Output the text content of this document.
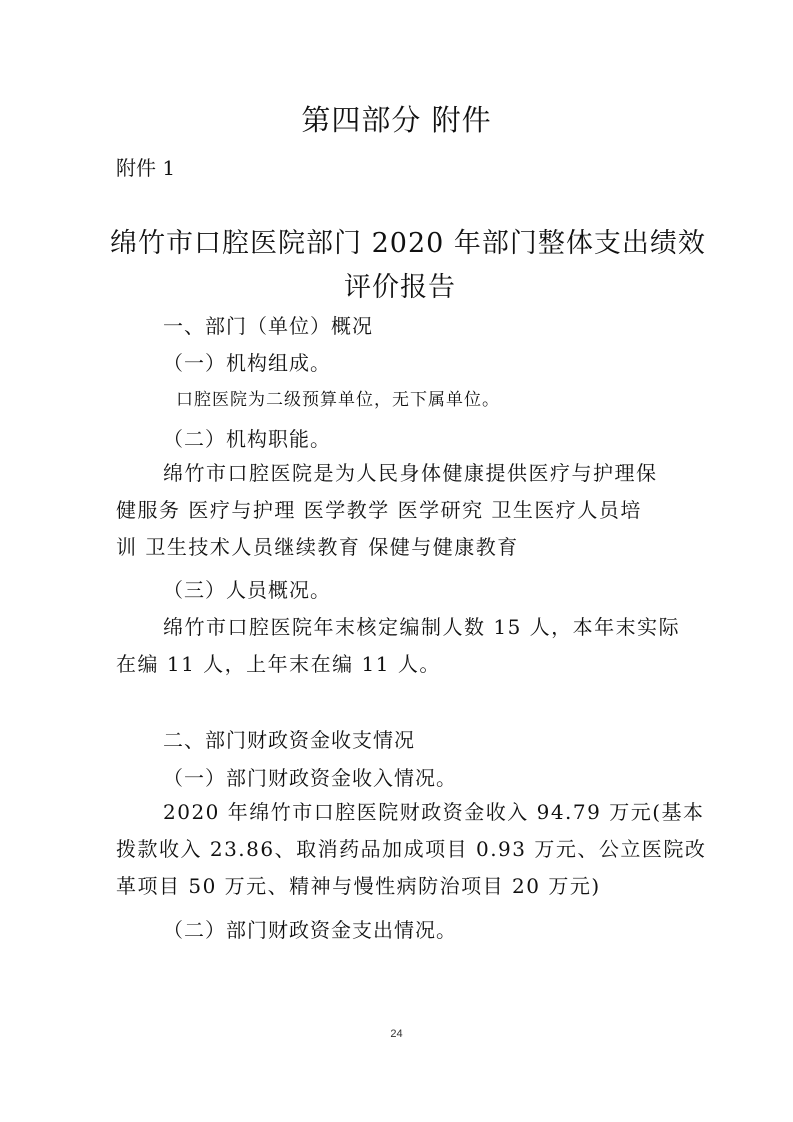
第四部分 附件
附件 1
绵竹市口腔医院部门 2020 年部门整体支出绩效
评价报告
一、部门（单位）概况
（一）机构组成。
口腔医院为二级预算单位，无下属单位。
（二）机构职能。
绵竹市口腔医院是为人民身体健康提供医疗与护理保
健服务 医疗与护理 医学教学 医学研究 卫生医疗人员培
训 卫生技术人员继续教育 保健与健康教育
（三）人员概况。
绵竹市口腔医院年末核定编制人数 15 人，本年末实际
在编 11 人，上年末在编 11 人。
二、部门财政资金收支情况
（一）部门财政资金收入情况。
2020 年绵竹市口腔医院财政资金收入 94.79 万元(基本
拨款收入 23.86、取消药品加成项目 0.93 万元、公立医院改
革项目 50 万元、精神与慢性病防治项目 20 万元)
（二）部门财政资金支出情况。
24
